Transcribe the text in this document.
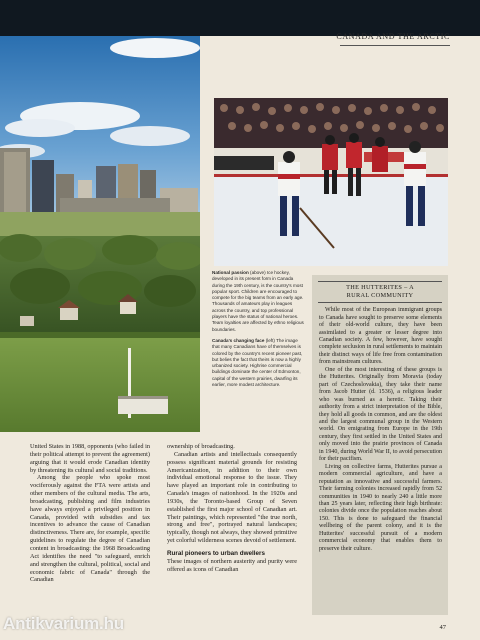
CANADA AND THE ARCTIC
National passion (above) Ice hockey, developed in its present form in Canada during the 19th century, is the country's most popular sport. Children are encouraged to compete for the big teams from an early age. Thousands of amateurs play in leagues across the country, and top professional players have the status of national heroes. Team loyalties are affected by ethno religious boundaries.
Canada's changing face (left) The image that many Canadians have of themselves is colored by the country's recent pioneer past, but belies the fact that theirs is now a highly urbanized society. Highrise commercial buildings dominate the center of Edmonton, capital of the western prairies, dwarfing its earlier, more modest architecture.
THE HUTTERITES – A
RURAL COMMUNITY

While most of the European immigrant groups to Canada have sought to preserve some elements of their old-world culture, they have been assimilated to a greater or lesser degree into Canadian society. A few, however, have sought complete seclusion in rural settlements to maintain their distinct ways of life free from contamination from mainstream cultures.

One of the most interesting of these groups is the Hutterites. Originally from Moravia (today part of Czechoslovakia), they take their name from Jacob Hutter (d. 1536), a religious leader who was burned as a heretic. Taking their authority from a strict interpretation of the Bible, they hold all goods in common, and are the oldest and the largest communal group in the Western world. On emigrating from Europe in the 19th century, they first settled in the United States and only moved into the prairie provinces of Canada in 1940, during World War II, to avoid persecution for their pacifism.

Living on collective farms, Hutterites pursue a modern commercial agriculture, and have a reputation as innovative and successful farmers. Their farming colonies increased rapidly from 52 communities in 1940 to nearly 240 a little more than 25 years later, reflecting their high birthrate: colonies divide once the population reaches about 150. This is done to safeguard the financial wellbeing of the parent colony, and it is the Hutterites' successful pursuit of a modern commercial economy that enables them to preserve their culture.

United States in 1988, opponents (who failed in their political attempt to prevent the agreement) arguing that it would erode Canadian identity by threatening its cultural and social traditions.

Among the people who spoke most vociferously against the FTA were artists and other members of the cultural media. The arts, broadcasting, publishing and film industries have always enjoyed a privileged position in Canada, provided with subsidies and tax incentives to advance the cause of Canadian distinctiveness. There are, for example, specific guidelines to regulate the degree of Canadian content in broadcasting: the 1968 Broadcasting Act identifies the need "to safeguard, enrich and strengthen the cultural, political, social and economic fabric of Canada" through the Canadian

ownership of broadcasting.

Canadian artists and intellectuals consequently possess significant material grounds for resisting Americanization, in addition to their own individual emotional response to the issue. They have played an important role in contributing to Canada's images of nationhood. In the 1920s and 1930s, the Toronto-based Group of Seven established the first major school of Canadian art. Their paintings, which represented "the true north, strong and free", portrayed natural landscapes; typically, though not always, they showed primitive yet colorful wilderness scenes devoid of settlement.

Rural pioneers to urban dwellers

These images of northern austerity and purity were offered as icons of Canadian

47
Antikvarium.hu
